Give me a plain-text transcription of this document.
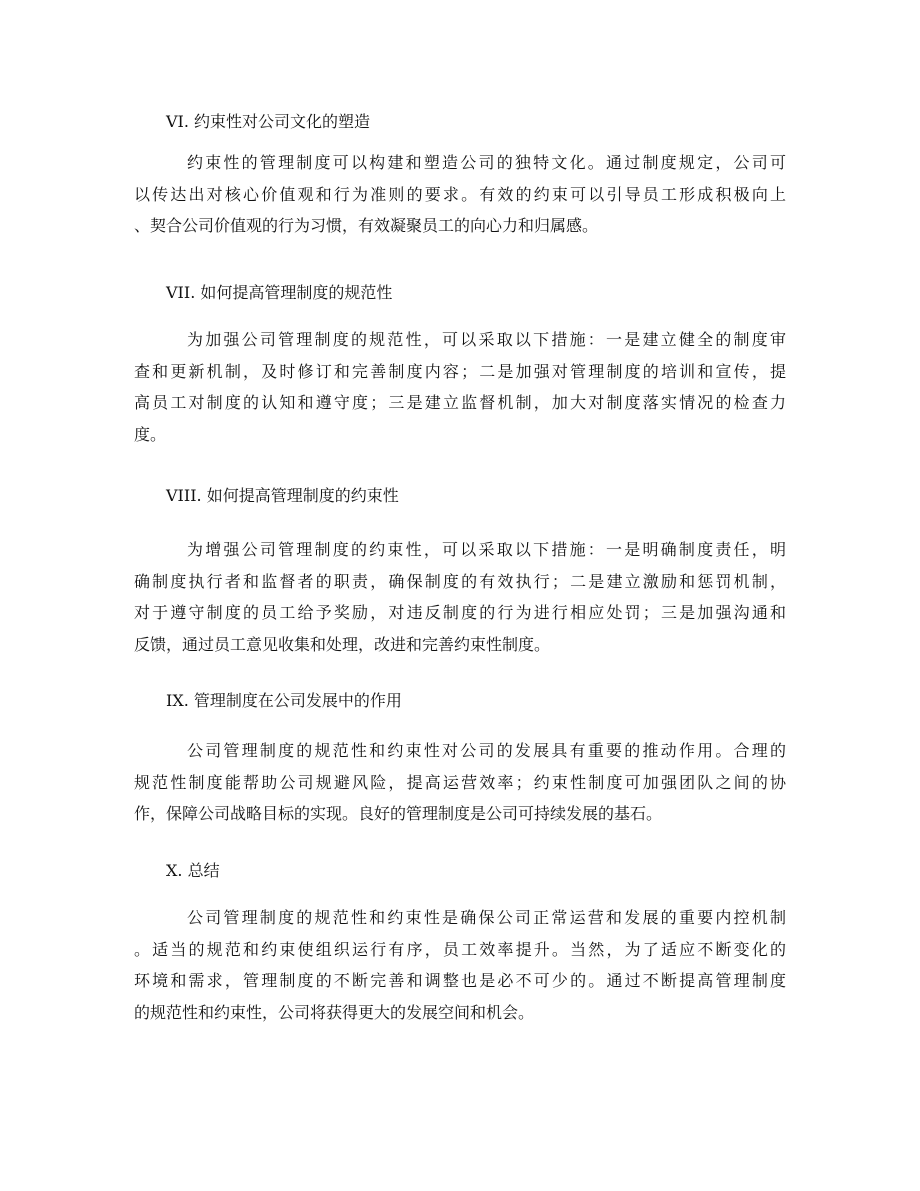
VI. 约束性对公司文化的塑造
约束性的管理制度可以构建和塑造公司的独特文化。通过制度规定，公司可
以传达出对核心价值观和行为准则的要求。有效的约束可以引导员工形成积极向上
、契合公司价值观的行为习惯，有效凝聚员工的向心力和归属感。
VII. 如何提高管理制度的规范性
为加强公司管理制度的规范性，可以采取以下措施：一是建立健全的制度审
查和更新机制，及时修订和完善制度内容；二是加强对管理制度的培训和宣传，提
高员工对制度的认知和遵守度；三是建立监督机制，加大对制度落实情况的检查力
度。
VIII. 如何提高管理制度的约束性
为增强公司管理制度的约束性，可以采取以下措施：一是明确制度责任，明
确制度执行者和监督者的职责，确保制度的有效执行；二是建立激励和惩罚机制，
对于遵守制度的员工给予奖励，对违反制度的行为进行相应处罚；三是加强沟通和
反馈，通过员工意见收集和处理，改进和完善约束性制度。
IX. 管理制度在公司发展中的作用
公司管理制度的规范性和约束性对公司的发展具有重要的推动作用。合理的
规范性制度能帮助公司规避风险，提高运营效率；约束性制度可加强团队之间的协
作，保障公司战略目标的实现。良好的管理制度是公司可持续发展的基石。
X. 总结
公司管理制度的规范性和约束性是确保公司正常运营和发展的重要内控机制
。适当的规范和约束使组织运行有序，员工效率提升。当然，为了适应不断变化的
环境和需求，管理制度的不断完善和调整也是必不可少的。通过不断提高管理制度
的规范性和约束性，公司将获得更大的发展空间和机会。
